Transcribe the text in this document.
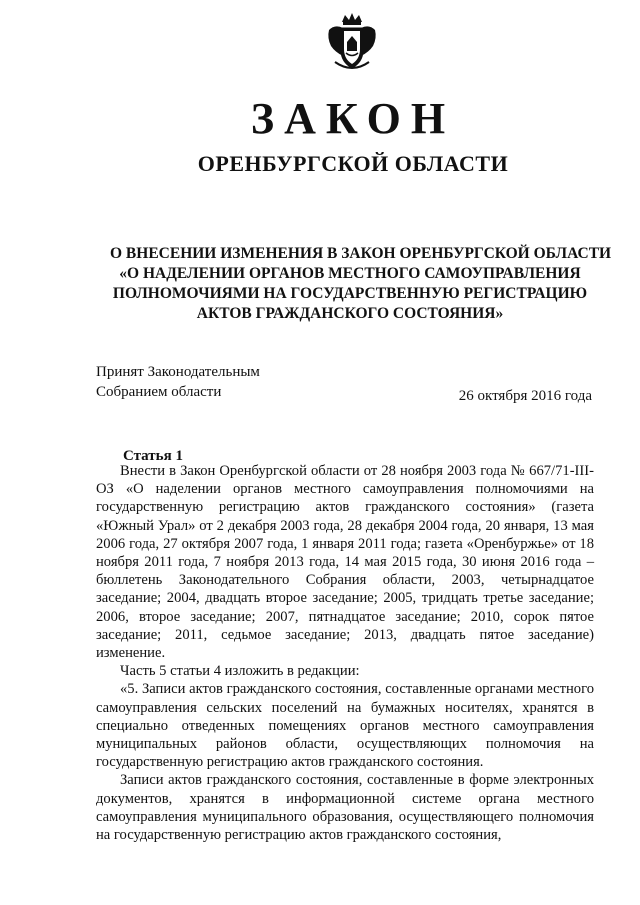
ЗАКОН
ОРЕНБУРГСКОЙ ОБЛАСТИ
О ВНЕСЕНИИ ИЗМЕНЕНИЯ В ЗАКОН ОРЕНБУРГСКОЙ ОБЛАСТИ
«О НАДЕЛЕНИИ ОРГАНОВ МЕСТНОГО САМОУПРАВЛЕНИЯ
ПОЛНОМОЧИЯМИ НА ГОСУДАРСТВЕННУЮ РЕГИСТРАЦИЮ
АКТОВ ГРАЖДАНСКОГО СОСТОЯНИЯ»
Принят Законодательным
Собранием области	26 октября 2016 года
Статья 1

Внести в Закон Оренбургской области от 28 ноября 2003 года № 667/71-III-ОЗ «О наделении органов местного самоуправления полномочиями на государственную регистрацию актов гражданского состояния» (газета «Южный Урал» от 2 декабря 2003 года, 28 декабря 2004 года, 20 января, 13 мая 2006 года, 27 октября 2007 года, 1 января 2011 года; газета «Оренбуржье» от 18 ноября 2011 года, 7 ноября 2013 года, 14 мая 2015 года, 30 июня 2016 года – бюллетень Законодательного Собрания области, 2003, четырнадцатое заседание; 2004, двадцать второе заседание; 2005, тридцать третье заседание; 2006, второе заседание; 2007, пятнадцатое заседание; 2010, сорок пятое заседание; 2011, седьмое заседание; 2013, двадцать пятое заседание) изменение.

Часть 5 статьи 4 изложить в редакции:

«5. Записи актов гражданского состояния, составленные органами местного самоуправления сельских поселений на бумажных носителях, хранятся в специально отведенных помещениях органов местного самоуправления муниципальных районов области, осуществляющих полномочия на государственную регистрацию актов гражданского состояния.

Записи актов гражданского состояния, составленные в форме электронных документов, хранятся в информационной системе органа местного самоуправления муниципального образования, осуществляющего полномочия на государственную регистрацию актов гражданского состояния,
